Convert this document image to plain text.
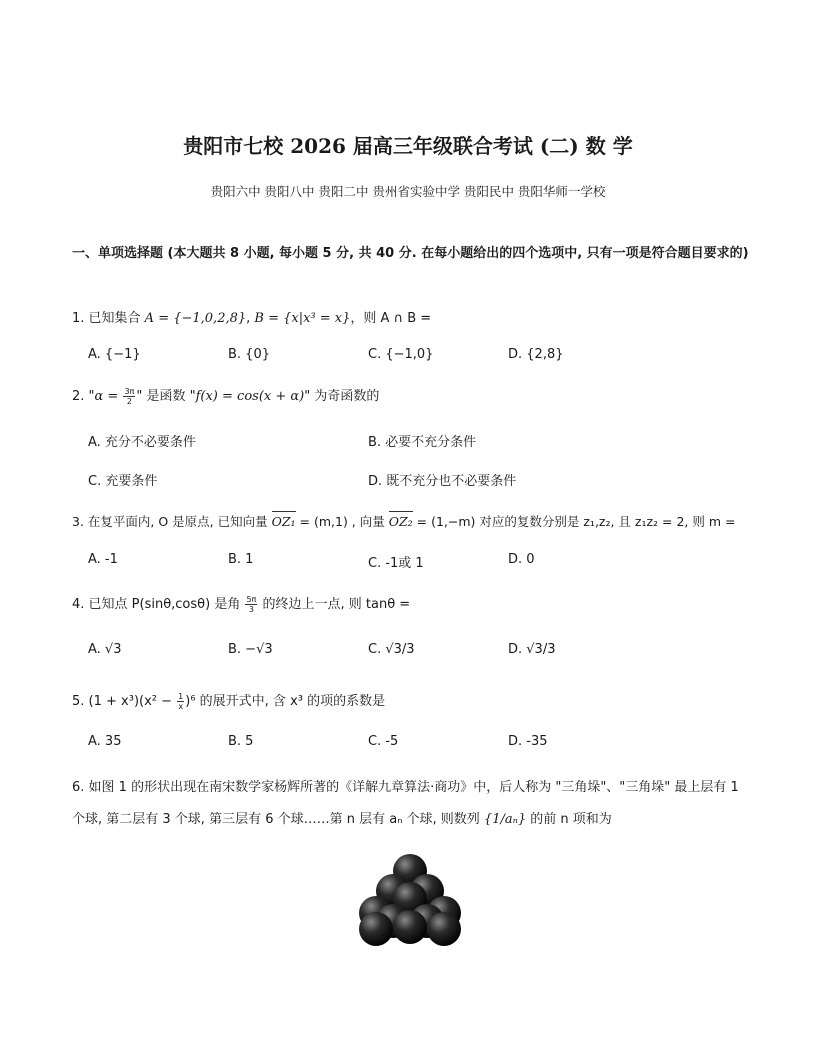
贵阳市七校 2026 届高三年级联合考试 (二) 数 学
贵阳六中 贵阳八中 贵阳二中 贵州省实验中学 贵阳民中 贵阳华师一学校
一、单项选择题 (本大题共 8 小题, 每小题 5 分, 共 40 分. 在每小题给出的四个选项中, 只有一项是符合题目要求的)
1. 已知集合 A = {−1,0,2,8}, B = {x|x³ = x}，则 A ∩ B =
A. {−1}	B. {0}	C. {−1,0}	D. {2,8}
2. "$\alpha = \frac{3\pi}{2}$ " 是函数 "f(x) = cos(x + α)" 为奇函数的
A. 充分不必要条件	B. 必要不充分条件
C. 充要条件	D. 既不充分也不必要条件
3. 在复平面内, O 是原点, 已知向量 OZ₁ = (m,1) , 向量 OZ₂ = (1,−m) 对应的复数分别是 z₁,z₂, 且 z₁z₂ = 2, 则 m =
A. -1	B. 1	C. -1或 1	D. 0
4. 已知点 P(sinθ,cosθ) 是角 $\frac{5\pi}{3}$ 的终边上一点, 则 tanθ =
A. √3	B. −√3	C. √3/3	D. √3/3
5. $(1 + x^3)(x^2 - \frac{1}{x} )^6$ 的展开式中, 含 x³ 的项的系数是
A. 35	B. 5	C. -5	D. -35
6. 如图 1 的形状出现在南宋数学家杨辉所著的《详解九章算法·商功》中，后人称为 "三角垛"、"三角垛" 最上层有 1 个球, 第二层有 3 个球, 第三层有 6 个球……第 n 层有 aₙ 个球, 则数列 {1/aₙ} 的前 n 项和为
